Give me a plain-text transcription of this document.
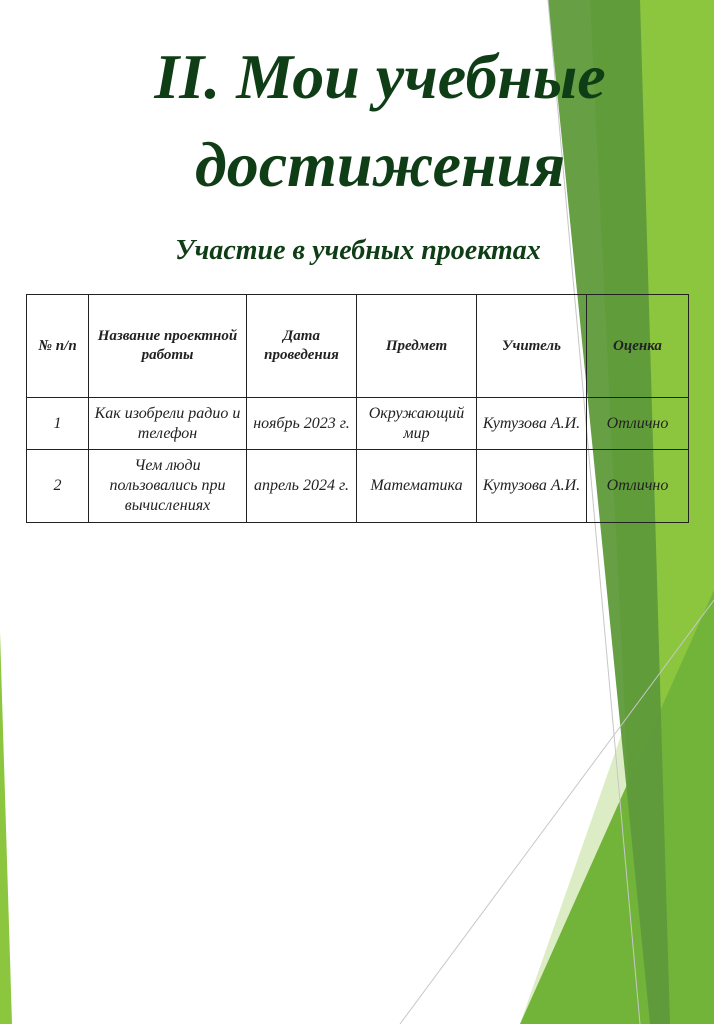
II. Мои учебные
достижения
Участие в учебных проектах
№ п/п	Название проектной работы	Дата проведения	Предмет	Учитель	Оценка
1	Как изобрели радио и телефон	ноябрь 2023 г.	Окружающий мир	Кутузова А.И.	Отлично
2	Чем люди пользовались при вычислениях	апрель 2024 г.	Математика	Кутузова А.И.	Отлично
